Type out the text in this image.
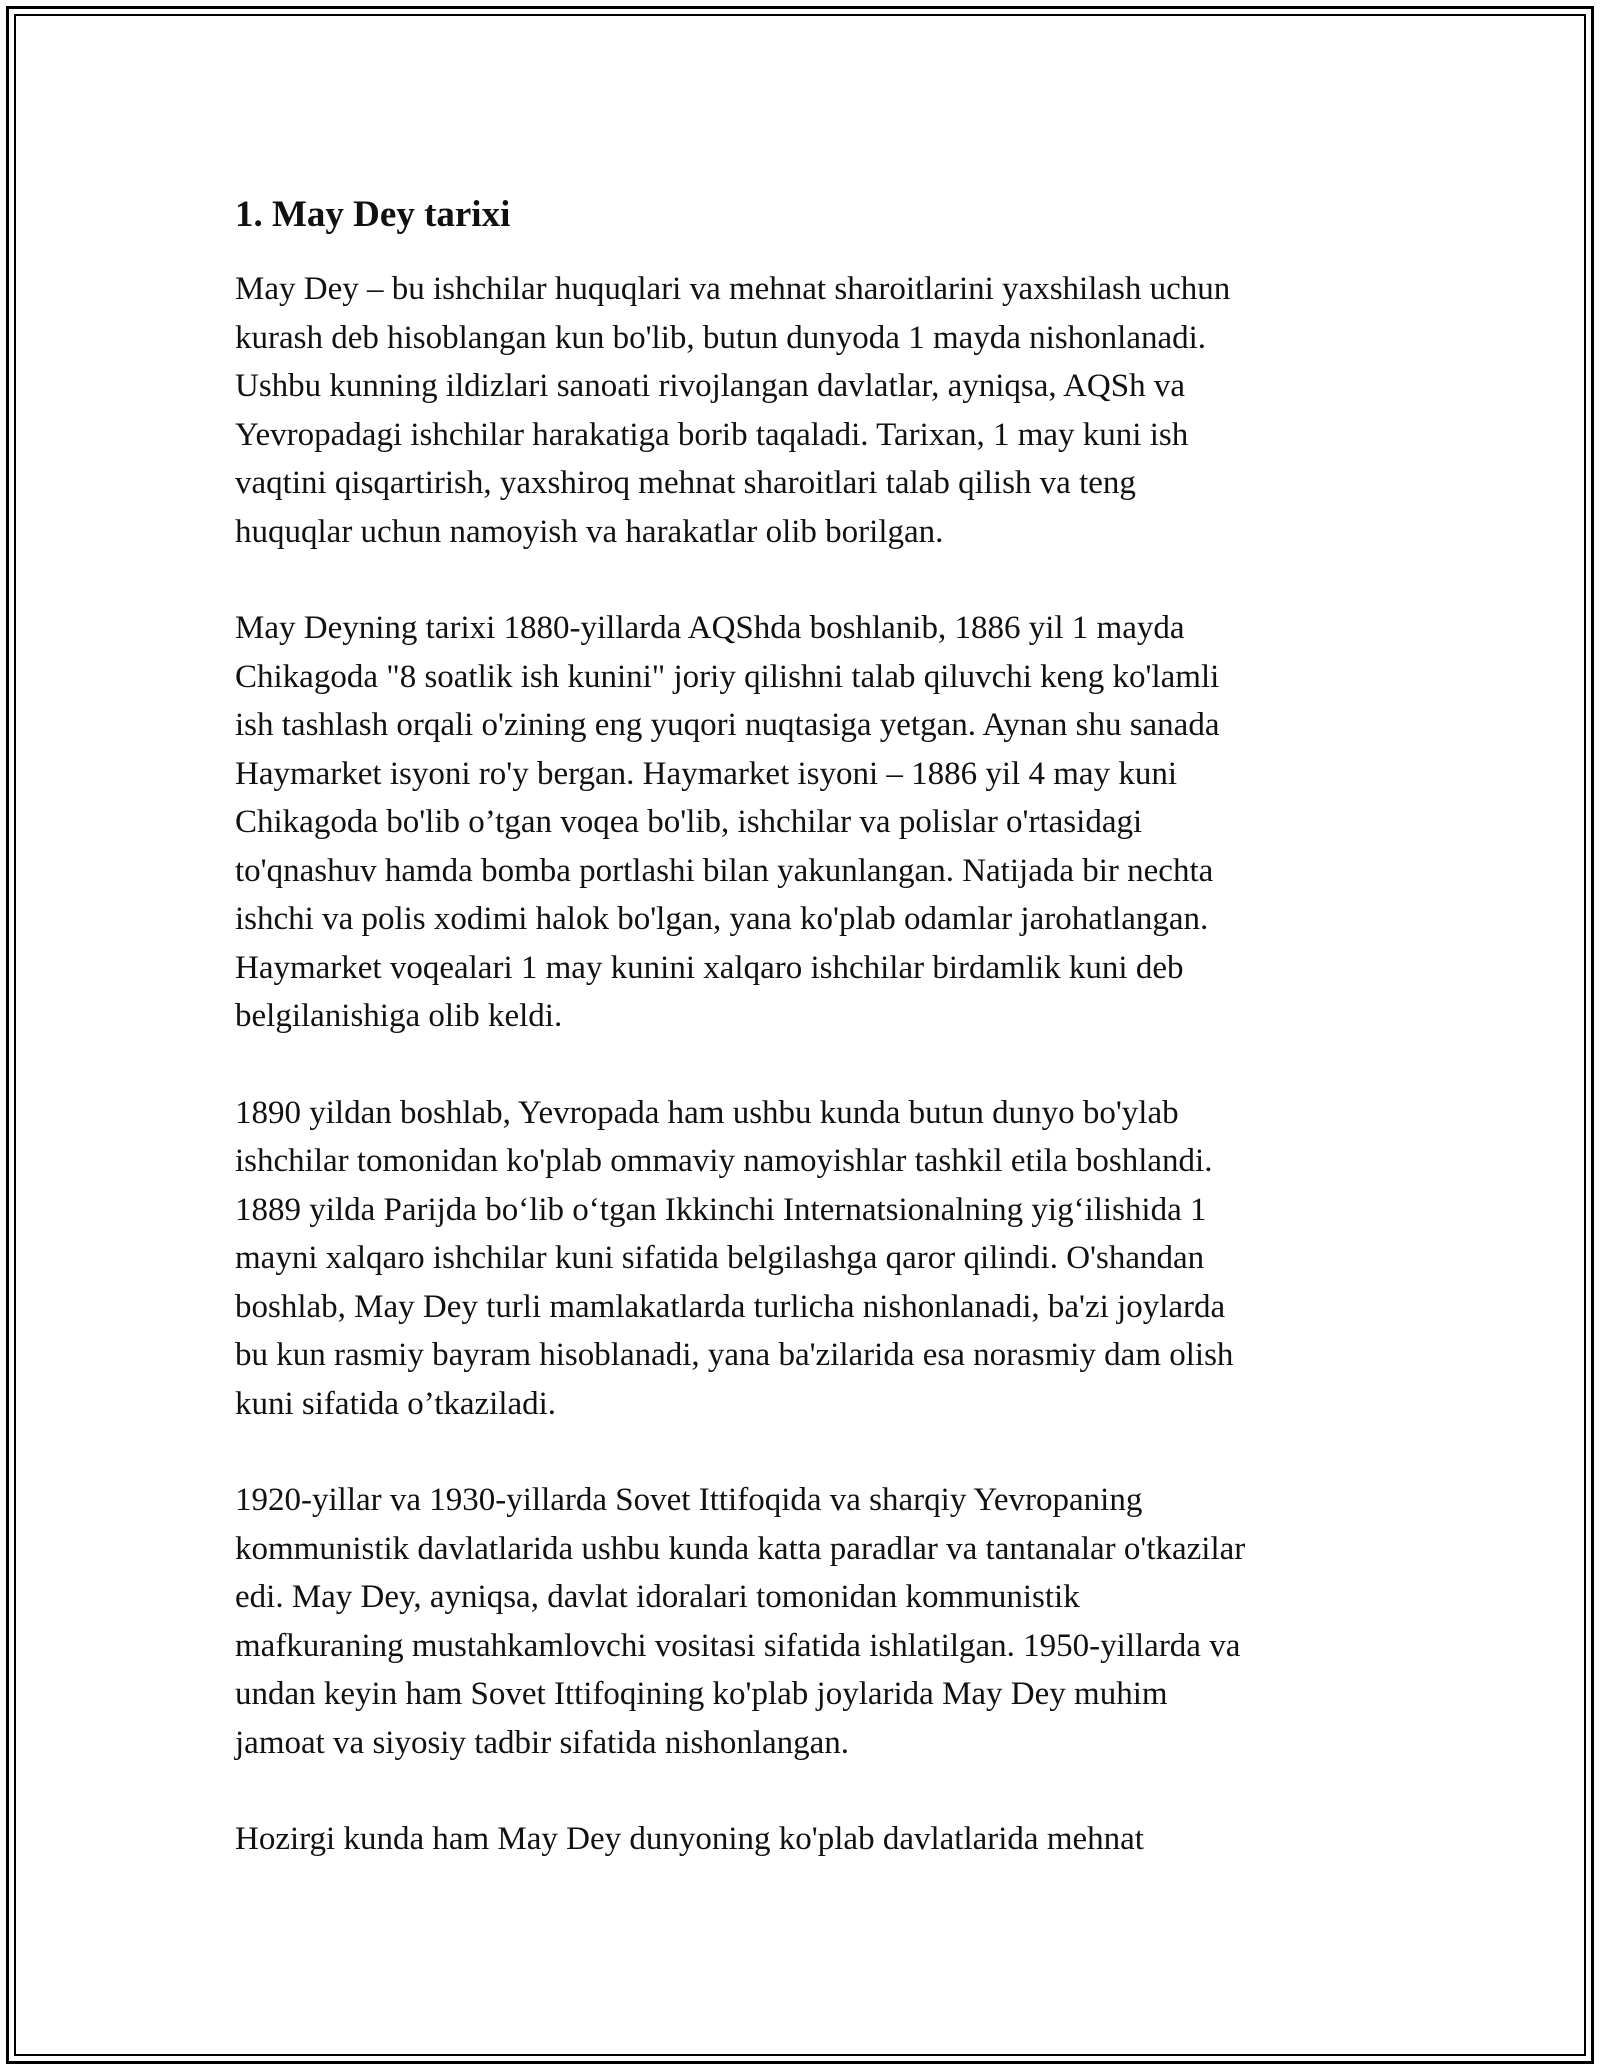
1. May Dey tarixi

May Dey – bu ishchilar huquqlari va mehnat sharoitlarini yaxshilash uchun
kurash deb hisoblangan kun bo'lib, butun dunyoda 1 mayda nishonlanadi.
Ushbu kunning ildizlari sanoati rivojlangan davlatlar, ayniqsa, AQSh va
Yevropadagi ishchilar harakatiga borib taqaladi. Tarixan, 1 may kuni ish
vaqtini qisqartirish, yaxshiroq mehnat sharoitlari talab qilish va teng
huquqlar uchun namoyish va harakatlar olib borilgan.

May Deyning tarixi 1880-yillarda AQShda boshlanib, 1886 yil 1 mayda
Chikagoda "8 soatlik ish kunini" joriy qilishni talab qiluvchi keng ko'lamli
ish tashlash orqali o'zining eng yuqori nuqtasiga yetgan. Aynan shu sanada
Haymarket isyoni ro'y bergan. Haymarket isyoni – 1886 yil 4 may kuni
Chikagoda bo'lib o’tgan voqea bo'lib, ishchilar va polislar o'rtasidagi
to'qnashuv hamda bomba portlashi bilan yakunlangan. Natijada bir nechta
ishchi va polis xodimi halok bo'lgan, yana ko'plab odamlar jarohatlangan.
Haymarket voqealari 1 may kunini xalqaro ishchilar birdamlik kuni deb
belgilanishiga olib keldi.

1890 yildan boshlab, Yevropada ham ushbu kunda butun dunyo bo'ylab
ishchilar tomonidan ko'plab ommaviy namoyishlar tashkil etila boshlandi.
1889 yilda Parijda bo‘lib o‘tgan Ikkinchi Internatsionalning yig‘ilishida 1
mayni xalqaro ishchilar kuni sifatida belgilashga qaror qilindi. O'shandan
boshlab, May Dey turli mamlakatlarda turlicha nishonlanadi, ba'zi joylarda
bu kun rasmiy bayram hisoblanadi, yana ba'zilarida esa norasmiy dam olish
kuni sifatida o’tkaziladi.

1920-yillar va 1930-yillarda Sovet Ittifoqida va sharqiy Yevropaning
kommunistik davlatlarida ushbu kunda katta paradlar va tantanalar o'tkazilar
edi. May Dey, ayniqsa, davlat idoralari tomonidan kommunistik
mafkuraning mustahkamlovchi vositasi sifatida ishlatilgan. 1950-yillarda va
undan keyin ham Sovet Ittifoqining ko'plab joylarida May Dey muhim
jamoat va siyosiy tadbir sifatida nishonlangan.

Hozirgi kunda ham May Dey dunyoning ko'plab davlatlarida mehnat
